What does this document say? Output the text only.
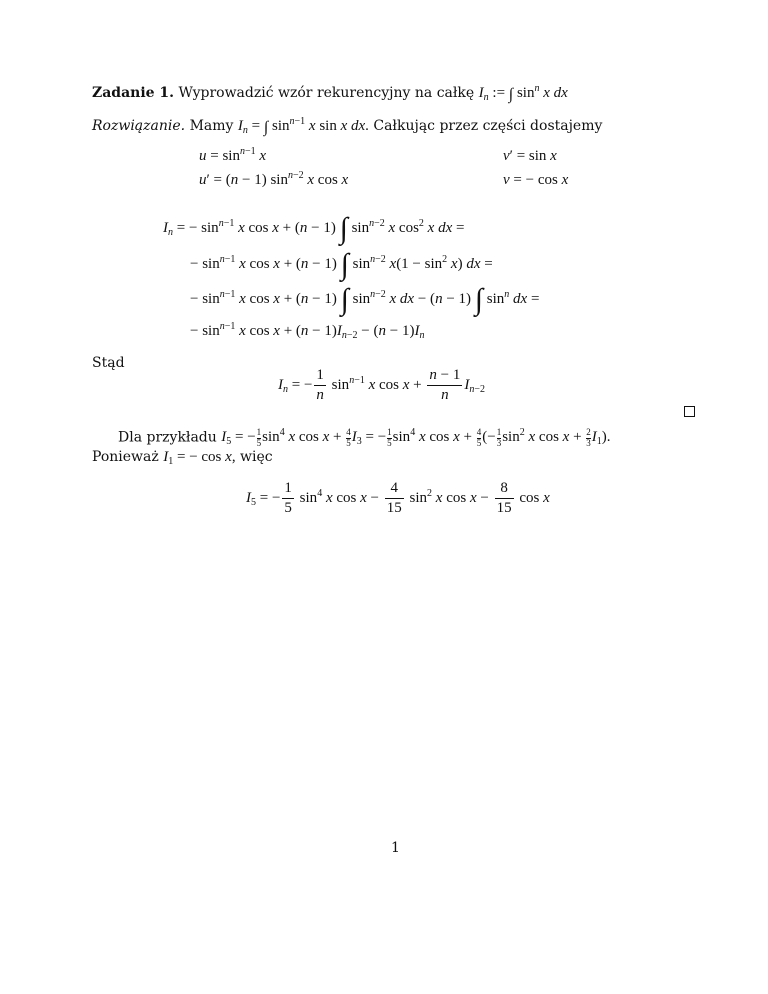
Zadanie 1. Wyprowadzić wzór rekurencyjny na całkę $I_n$ := ∫ $\sin^n x$ dx
Rozwiązanie. Mamy $I_n$ = ∫ $\sin^{n-1} x$ sin x dx. Całkując przez części dostajemy
$u = \sin^{n-1} x$	v′ = sin x
u′ = (n − 1) $\sin^{n-2} x$ cos x	v = − cos x
$I_n$ = − $\sin^{n-1} x$ cos x + (n − 1) ∫ $\sin^{n-2} x$ $\cos^2 x$ dx =
− $\sin^{n-1} x$ cos x + (n − 1) ∫ $\sin^{n-2} x(1 - \sin^2 x)$ dx =
− $\sin^{n-1} x$ cos x + (n − 1) ∫ $\sin^{n-2} x$ dx − (n − 1) ∫ $\sin^n$ dx =
− $\sin^{n-1} x$ $\cos x + (n - 1)I_{n-2} - (n - 1)I_n$
Stąd
$I_n$ = − $\frac{1}{n} \sin^{n-1} x$ $\cos x + \frac{n - 1}{n} I_{n-2}$
Dla przykładu $I_5$ = − $\frac{1}{5} \sin^4 x$ $\cos x + \frac{4}{5} I_3$ = − $\frac{1}{5} \sin^4 x$ $\cos x + \frac{4}{5}$ (− $\frac{1}{3} \sin^2 x$ $\cos x + \frac{2}{3} I_1$).
Ponieważ $I_1$ = − cos x, więc
$I_5$ = − $\frac{1}{5} \sin^4 x$ $\cos x - \frac{4}{15} \sin^2 x$ $\cos x - \frac{8}{15}$ cos x
1
